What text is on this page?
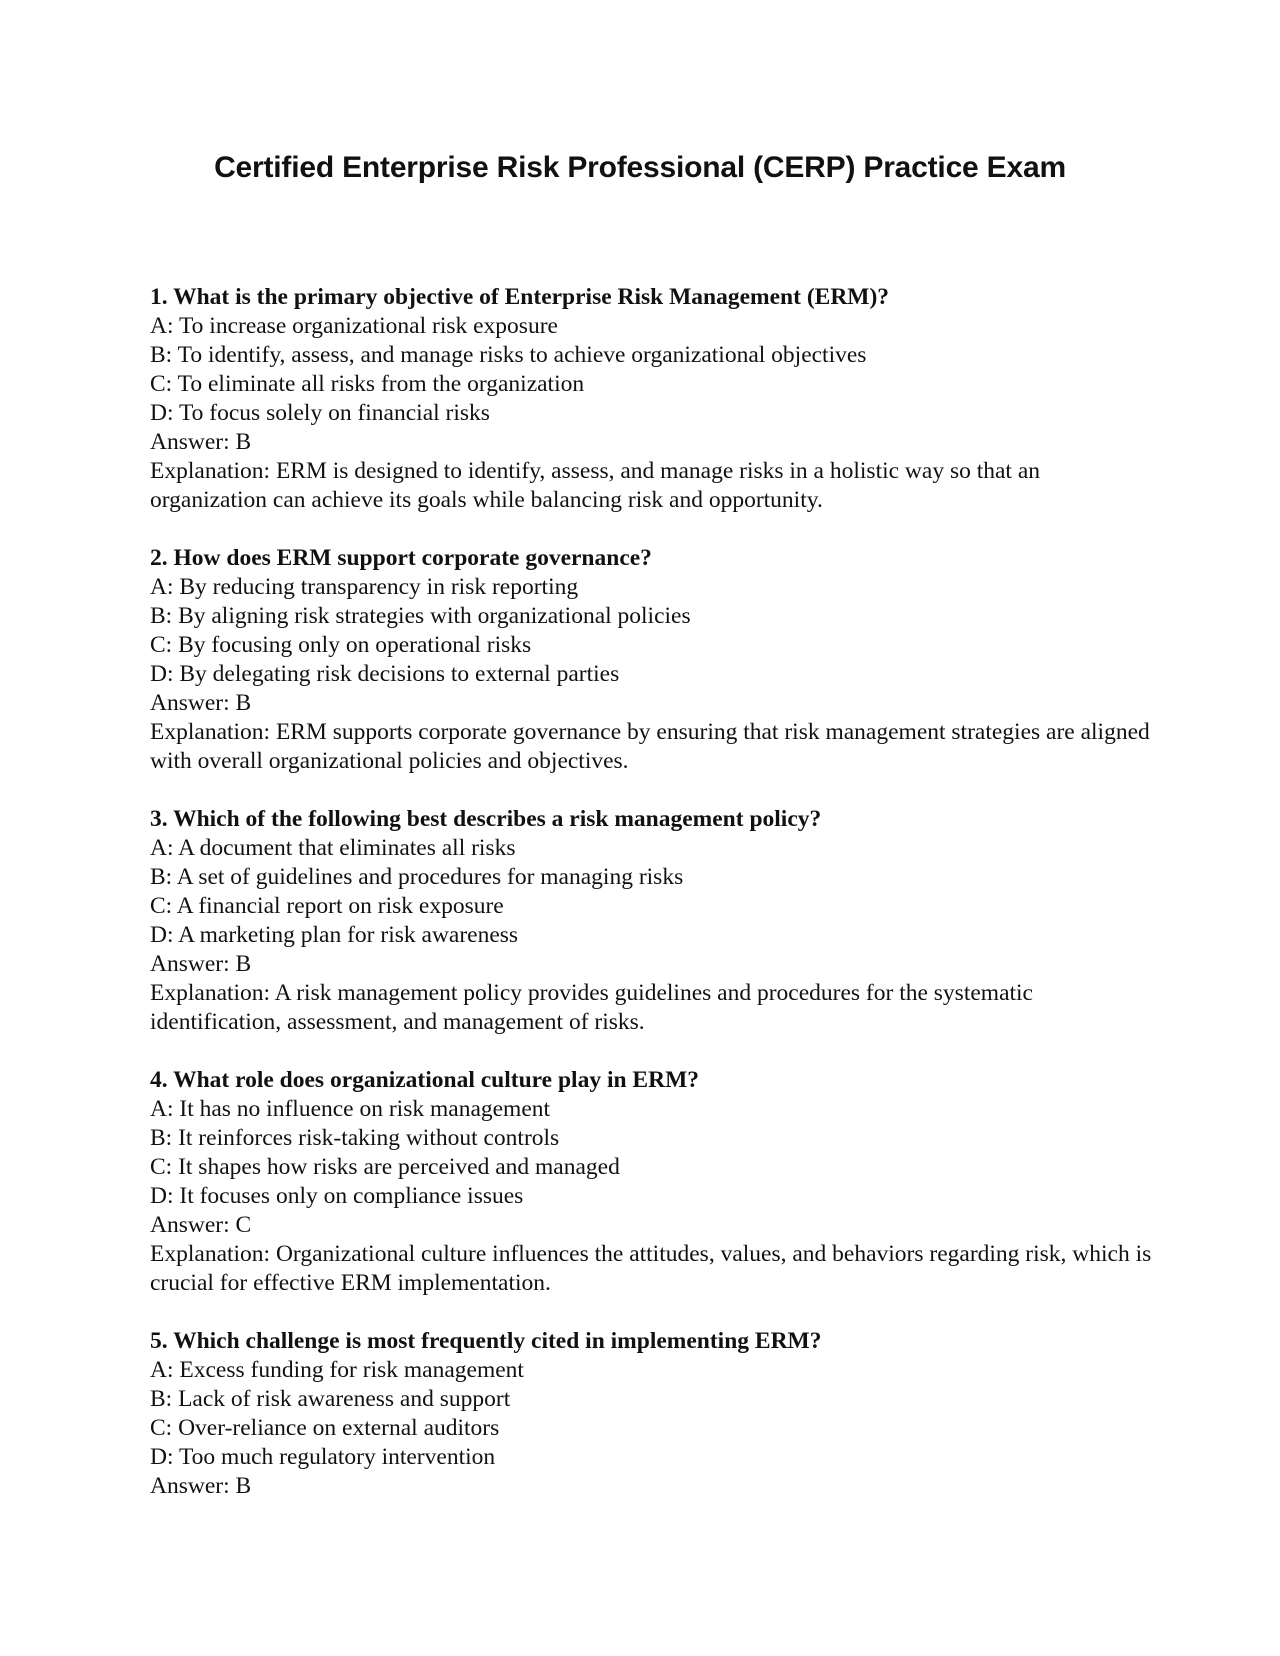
Certified Enterprise Risk Professional (CERP) Practice Exam
1. What is the primary objective of Enterprise Risk Management (ERM)?
A: To increase organizational risk exposure
B: To identify, assess, and manage risks to achieve organizational objectives
C: To eliminate all risks from the organization
D: To focus solely on financial risks
Answer: B
Explanation: ERM is designed to identify, assess, and manage risks in a holistic way so that an organization can achieve its goals while balancing risk and opportunity.
2. How does ERM support corporate governance?
A: By reducing transparency in risk reporting
B: By aligning risk strategies with organizational policies
C: By focusing only on operational risks
D: By delegating risk decisions to external parties
Answer: B
Explanation: ERM supports corporate governance by ensuring that risk management strategies are aligned with overall organizational policies and objectives.
3. Which of the following best describes a risk management policy?
A: A document that eliminates all risks
B: A set of guidelines and procedures for managing risks
C: A financial report on risk exposure
D: A marketing plan for risk awareness
Answer: B
Explanation: A risk management policy provides guidelines and procedures for the systematic identification, assessment, and management of risks.
4. What role does organizational culture play in ERM?
A: It has no influence on risk management
B: It reinforces risk-taking without controls
C: It shapes how risks are perceived and managed
D: It focuses only on compliance issues
Answer: C
Explanation: Organizational culture influences the attitudes, values, and behaviors regarding risk, which is crucial for effective ERM implementation.
5. Which challenge is most frequently cited in implementing ERM?
A: Excess funding for risk management
B: Lack of risk awareness and support
C: Over-reliance on external auditors
D: Too much regulatory intervention
Answer: B
